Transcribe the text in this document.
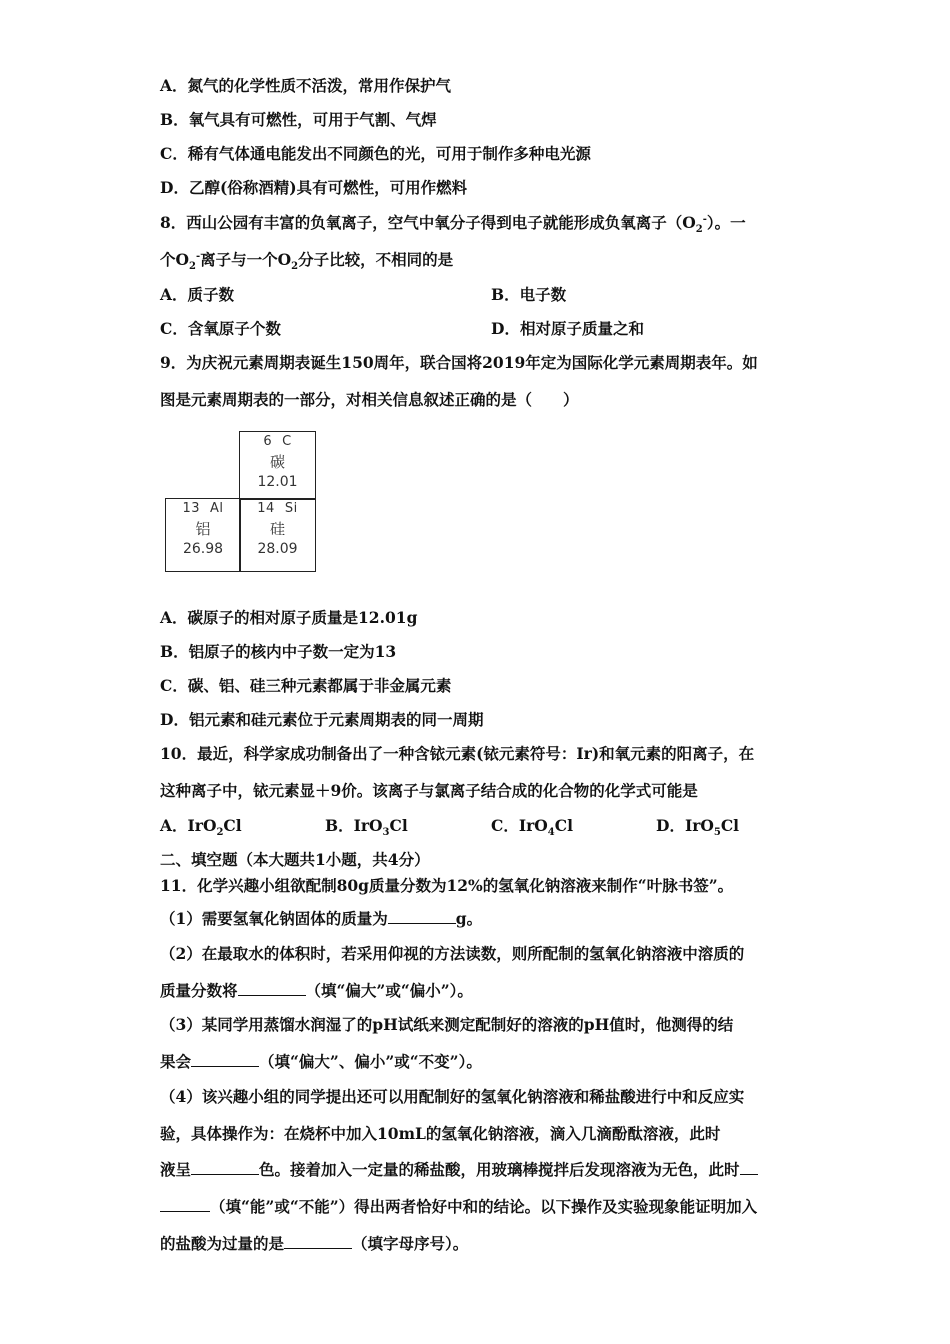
A．氮气的化学性质不活泼，常用作保护气
B．氧气具有可燃性，可用于气割、气焊
C．稀有气体通电能发出不同颜色的光，可用于制作多种电光源
D．乙醇(俗称酒精)具有可燃性，可用作燃料
8．西山公园有丰富的负氧离子，空气中氧分子得到电子就能形成负氧离子$(O_2^-)$。一
个$O_2^-$离子与一个$O_2$分子比较，不相同的是
A．质子数	B．电子数
C．含氧原子个数	D．相对原子质量之和
9．为庆祝元素周期表诞生150周年，联合国将2019年定为国际化学元素周期表年。如
图是元素周期表的一部分，对相关信息叙述正确的是（　　）
6 C
碳
12.01
13 Al
铝
26.98
14 Si
硅
28.09
A．碳原子的相对原子质量是12.01g
B．铝原子的核内中子数一定为13
C．碳、铝、硅三种元素都属于非金属元素
D．铝元素和硅元素位于元素周期表的同一周期
10．最近，科学家成功制备出了一种含铱元素(铱元素符号：Ir)和氧元素的阳离子，在
这种离子中，铱元素显＋9价。该离子与氯离子结合成的化合物的化学式可能是
A．IrO$_2$Cl	B．IrO$_3$Cl	C．IrO$_4$Cl	D．IrO$_5$Cl
二、填空题（本大题共1小题，共4分）
11．化学兴趣小组欲配制80g质量分数为12%的氢氧化钠溶液来制作“叶脉书签”。
（1）需要氢氧化钠固体的质量为	g。
（2）在最取水的体积时，若采用仰视的方法读数，则所配制的氢氧化钠溶液中溶质的
质量分数将	（填“偏大”或“偏小”）。
（3）某同学用蒸馏水润湿了的pH试纸来测定配制好的溶液的pH值时，他测得的结
果会	（填“偏大”、偏小”或“不变”）。
（4）该兴趣小组的同学提出还可以用配制好的氢氧化钠溶液和稀盐酸进行中和反应实
验，具体操作为：在烧杯中加入10mL的氢氧化钠溶液，滴入几滴酚酞溶液，此时
液呈	色。接着加入一定量的稀盐酸，用玻璃棒搅拌后发现溶液为无色，此时
（填“能”或“不能”）得出两者恰好中和的结论。以下操作及实验现象能证明加入
的盐酸为过量的是	（填字母序号）。
